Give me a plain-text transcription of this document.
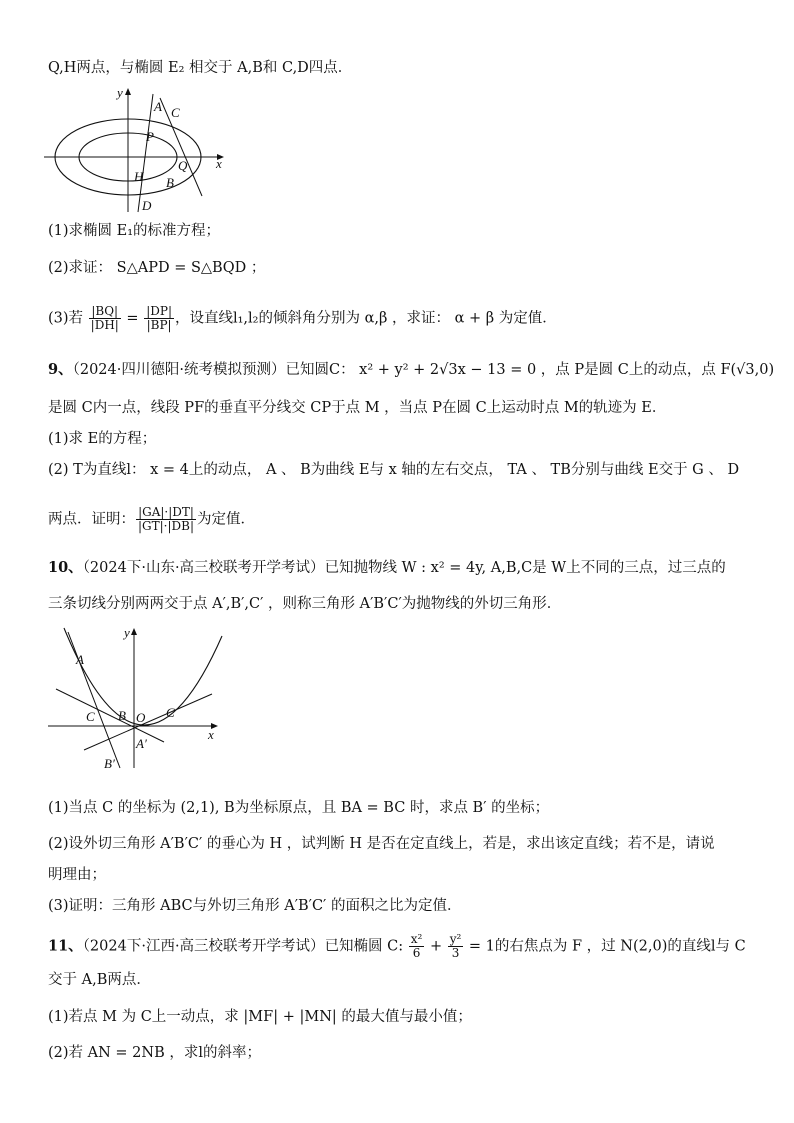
Q,H两点，与椭圆 E₂ 相交于 A,B和 C,D四点．
y
x
A C
P
Q
H B
D
(1)求椭圆 E₁的标准方程；
(2)求证： S△APD = S△BQD ；
(3)若 $\frac{|BQ|}{|DH|} = \frac{|DP|}{|BP|}$ ，设直线l₁,l₂的倾斜角分别为 α,β ，求证： α + β 为定值．
9、（2024·四川德阳·统考模拟预测）已知圆C： x² + y² + 2√3x − 13 = 0 ，点 P是圆 C上的动点，点 F(√3,0)
是圆 C内一点，线段 PF的垂直平分线交 CP于点 M ，当点 P在圆 C上运动时点 M的轨迹为 E．
(1)求 E的方程；
(2) T为直线l： x = 4上的动点， A 、 B为曲线 E与 x 轴的左右交点， TA 、 TB分别与曲线 E交于 G 、 D
两点．证明： $\frac{|GA|\cdot|DT|}{|GT|\cdot|DB|}$ 为定值．
10、（2024下·山东·高三校联考开学考试）已知抛物线 W : x² = 4y, A,B,C是 W上不同的三点，过三点的
三条切线分别两两交于点 A′,B′,C′ ，则称三角形 A′B′C′为抛物线的外切三角形．
y
x
A
C B O C
A′
B′
(1)当点 C 的坐标为 (2,1), B为坐标原点，且 BA = BC 时，求点 B′ 的坐标；
(2)设外切三角形 A′B′C′ 的垂心为 H ，试判断 H 是否在定直线上，若是，求出该定直线；若不是，请说
明理由；
(3)证明：三角形 ABC与外切三角形 A′B′C′ 的面积之比为定值．
11、（2024下·江西·高三校联考开学考试）已知椭圆 C: $\frac{\text{x²}}{6} + \frac{\text{y²}}{3} = 1$的右焦点为 F ，过 N(2,0)的直线l与 C
交于 A,B两点．
(1)若点 M 为 C上一动点，求 |MF| + |MN| 的最大值与最小值；
(2)若 AN = 2NB ，求l的斜率；
